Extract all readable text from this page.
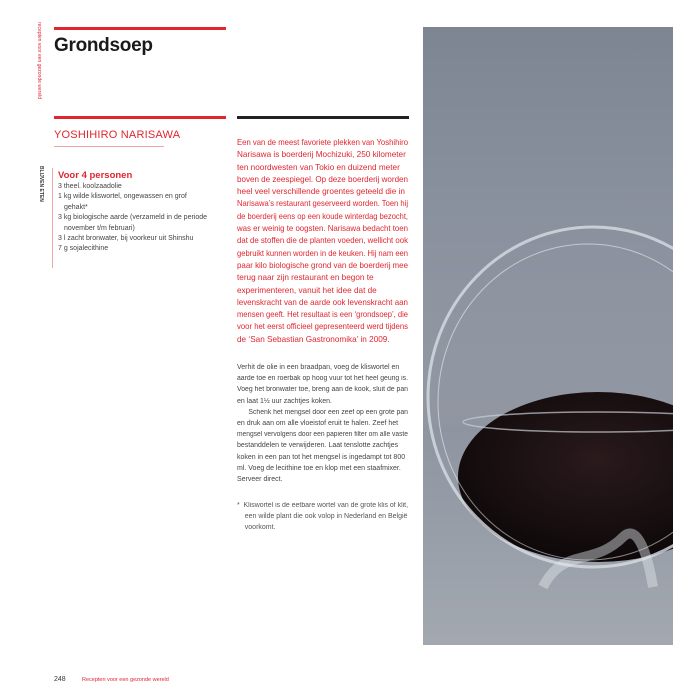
recepten voor een gezonde wereld
BLIJVEN ETEN
Grondsoep
YOSHIHIRO NARISAWA
Voor 4 personen
3 theel. koolzaadolie
1 kg wilde kliswortel, ongewassen en grof
gehakt*
3 kg biologische aarde (verzameld in de periode
november t/m februari)
3 l zacht bronwater, bij voorkeur uit Shinshu
7 g sojalecithine
Een van de meest favoriete plekken van Yoshihiro
Narisawa is boerderij Mochizuki, 250 kilometer
ten noordwesten van Tokio en duizend meter
boven de zeespiegel. Op deze boerderij worden
heel veel verschillende groentes geteeld die in
Narisawa’s restaurant geserveerd worden. Toen hij
de boerderij eens op een koude winterdag bezocht,
was er weinig te oogsten. Narisawa bedacht toen
dat de stoffen die de planten voeden, wellicht ook
gebruikt kunnen worden in de keuken. Hij nam een
paar kilo biologische grond van de boerderij mee
terug naar zijn restaurant en begon te
experimenteren, vanuit het idee dat de
levenskracht van de aarde ook levenskracht aan
mensen geeft. Het resultaat is een ‘grondsoep’, die
voor het eerst officieel gepresenteerd werd tijdens
de ‘San Sebastian Gastronomika’ in 2009.
Verhit de olie in een braadpan, voeg de kliswortel en
aarde toe en roerbak op hoog vuur tot het heel geurig is.
Voeg het bronwater toe, breng aan de kook, sluit de pan
en laat 1½ uur zachtjes koken.
Schenk het mengsel door een zeef op een grote pan
en druk aan om alle vloeistof eruit te halen. Zeef het
mengsel vervolgens door een papieren filter om alle vaste
bestanddelen te verwijderen. Laat tenslotte zachtjes
koken in een pan tot het mengsel is ingedampt tot 800
ml. Voeg de lecithine toe en klop met een staafmixer.
Serveer direct.
*  Kliswortel is de eetbare wortel van de grote klis of klit,
een wilde plant die ook volop in Nederland en België
voorkomt.
248	Recepten voor een gezonde wereld
